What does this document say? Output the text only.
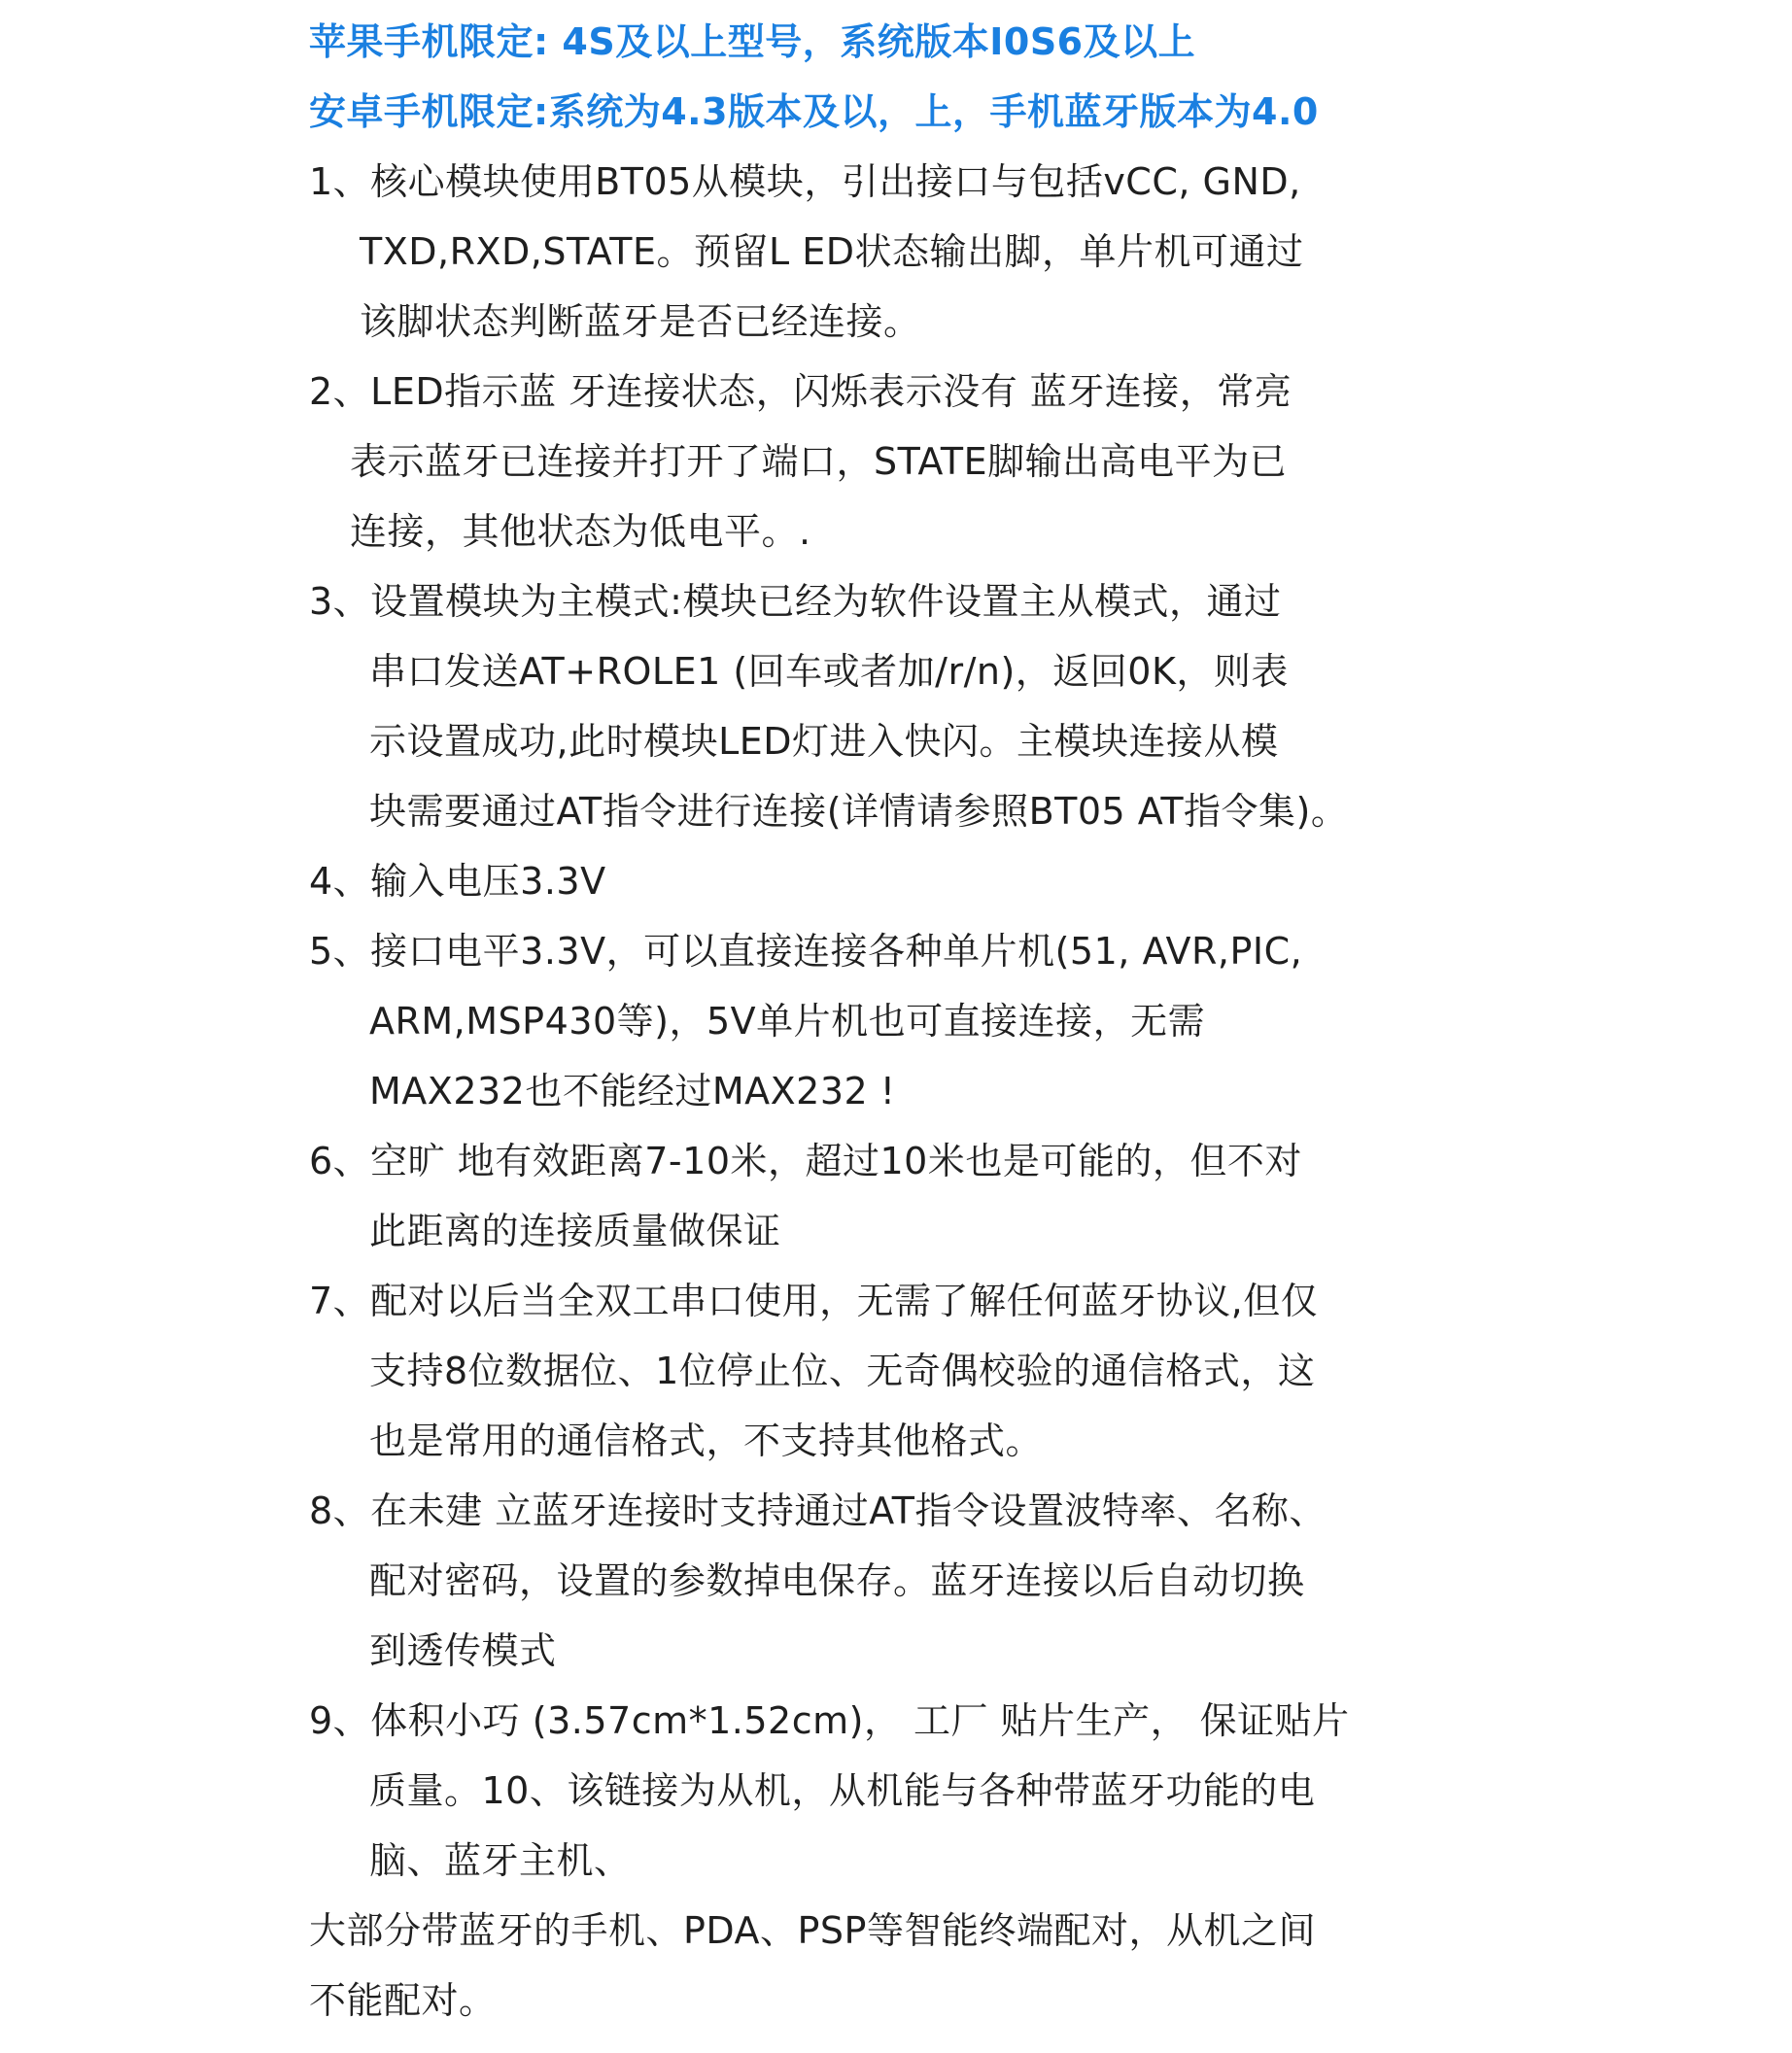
苹果手机限定: 4S及以上型号，系统版本I0S6及以上
安卓手机限定:系统为4.3版本及以，上，手机蓝牙版本为4.0
1、核心模块使用BT05从模块，引出接口与包括vCC, GND,
TXD,RXD,STATE。预留L ED状态输出脚，单片机可通过
该脚状态判断蓝牙是否已经连接。
2、LED指示蓝 牙连接状态，闪烁表示没有 蓝牙连接，常亮
表示蓝牙已连接并打开了端口，STATE脚输出高电平为已
连接，其他状态为低电平。.
3、设置模块为主模式:模块已经为软件设置主从模式，通过
串口发送AT+ROLE1 (回车或者加/r/n)，返回0K，则表
示设置成功,此时模块LED灯进入快闪。主模块连接从模
块需要通过AT指令进行连接(详情请参照BT05 AT指令集)。
4、输入电压3.3V
5、接口电平3.3V，可以直接连接各种单片机(51, AVR,PIC,
ARM,MSP430等)，5V单片机也可直接连接，无需
MAX232也不能经过MAX232 !
6、空旷 地有效距离7-10米，超过10米也是可能的，但不对
此距离的连接质量做保证
7、配对以后当全双工串口使用，无需了解任何蓝牙协议,但仅
支持8位数据位、1位停止位、无奇偶校验的通信格式，这
也是常用的通信格式，不支持其他格式。
8、在未建 立蓝牙连接时支持通过AT指令设置波特率、名称、
配对密码，设置的参数掉电保存。蓝牙连接以后自动切换
到透传模式
9、体积小巧 (3.57cm*1.52cm)， 工厂 贴片生产， 保证贴片
质量。10、该链接为从机，从机能与各种带蓝牙功能的电
脑、蓝牙主机、
大部分带蓝牙的手机、PDA、PSP等智能终端配对，从机之间
不能配对。
